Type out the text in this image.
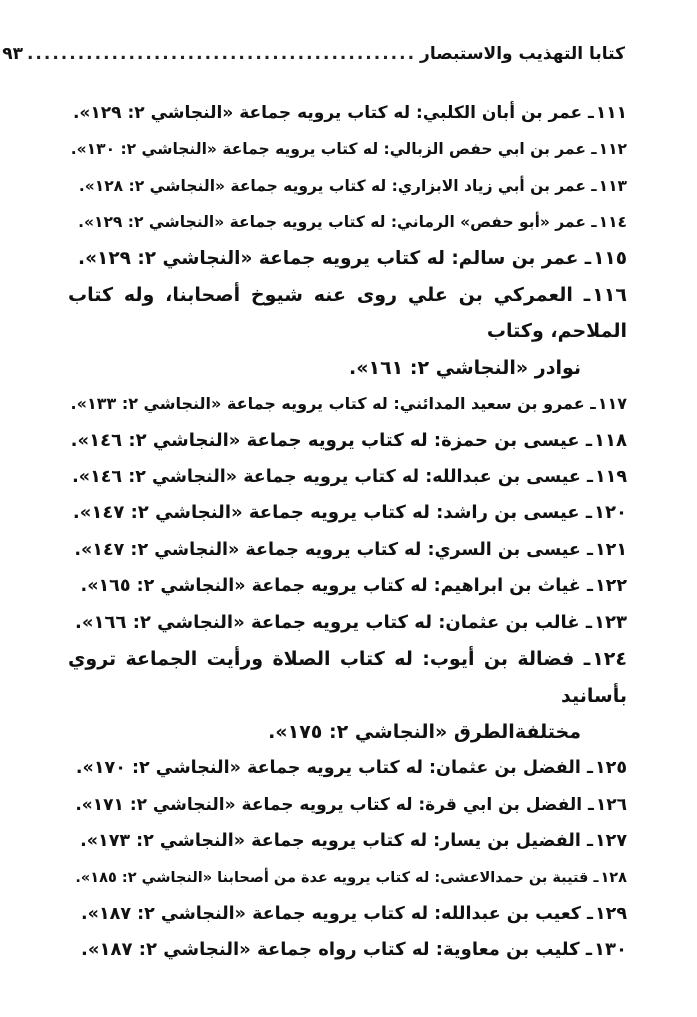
كتابا التهذيب والاستبصار
..............................................
٩٣
١١١ـ عمر بن أبان الكلبي: له كتاب يرويه جماعة «النجاشي ٢: ١٢٩».
١١٢ـ عمر بن ابي حفص الزبالي: له كتاب يرويه جماعة «النجاشي ٢: ١٣٠».
١١٣ـ عمر بن أبي زياد الابزاري: له كتاب يرويه جماعة «النجاشي ٢: ١٢٨».
١١٤ـ عمر «أبو حفص» الرماني: له كتاب يرويه جماعة «النجاشي ٢: ١٢٩».
١١٥ـ عمر بن سالم: له كتاب يرويه جماعة «النجاشي ٢: ١٢٩».
١١٦ـ العمركي بن علي روى عنه شيوخ أصحابنا، وله كتاب الملاحم، وكتاب
نوادر «النجاشي ٢: ١٦١».
١١٧ـ عمرو بن سعيد المدائني: له كتاب يرويه جماعة «النجاشي ٢: ١٣٣».
١١٨ـ عيسى بن حمزة: له كتاب يرويه جماعة «النجاشي ٢: ١٤٦».
١١٩ـ عيسى بن عبدالله: له كتاب يرويه جماعة «النجاشي ٢: ١٤٦».
١٢٠ـ عيسى بن راشد: له كتاب يرويه جماعة «النجاشي ٢: ١٤٧».
١٢١ـ عيسى بن السري: له كتاب يرويه جماعة «النجاشي ٢: ١٤٧».
١٢٢ـ غياث بن ابراهيم: له كتاب يرويه جماعة «النجاشي ٢: ١٦٥».
١٢٣ـ غالب بن عثمان: له كتاب يرويه جماعة «النجاشي ٢: ١٦٦».
١٢٤ـ فضالة بن أيوب: له كتاب الصلاة ورأيت الجماعة تروي بأسانيد
مختلفةالطرق «النجاشي ٢: ١٧٥».
١٢٥ـ الفضل بن عثمان: له كتاب يرويه جماعة «النجاشي ٢: ١٧٠».
١٢٦ـ الفضل بن ابي قرة: له كتاب يرويه جماعة «النجاشي ٢: ١٧١».
١٢٧ـ الفضيل بن يسار: له كتاب يرويه جماعة «النجاشي ٢: ١٧٣».
١٢٨ـ قتيبة بن حمدالاعشى: له كتاب يرويه عدة من أصحابنا «النجاشي ٢: ١٨٥».
١٢٩ـ كعيب بن عبدالله: له كتاب يرويه جماعة «النجاشي ٢: ١٨٧».
١٣٠ـ كليب بن معاوية: له كتاب رواه جماعة «النجاشي ٢: ١٨٧».
